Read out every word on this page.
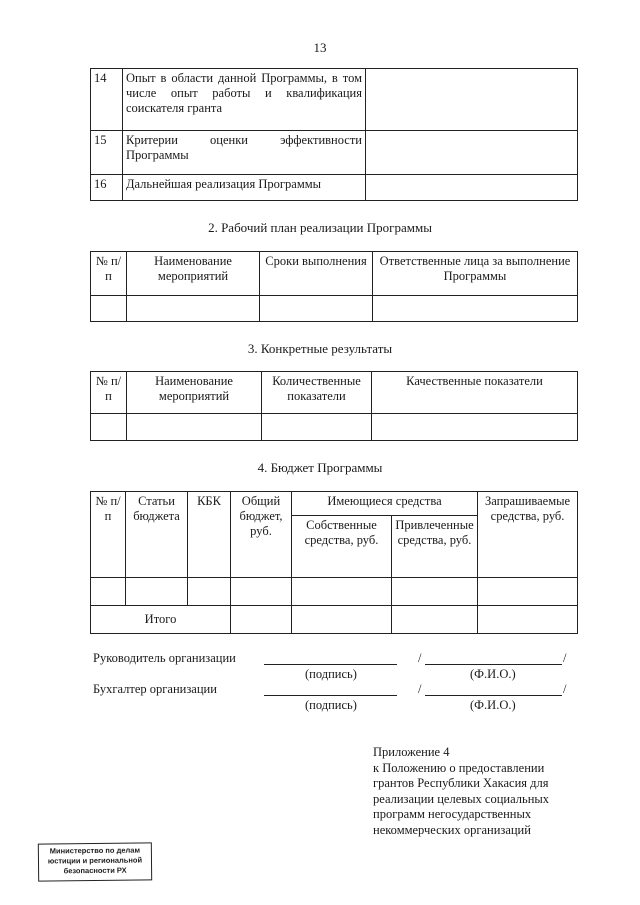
13
14	Опыт в области данной Программы, в том числе опыт работы и квалификация соискателя гранта	
15	Критерии оценки эффективности Программы	
16	Дальнейшая реализация Программы	
2. Рабочий план реализации Программы
№ п/п	Наименование мероприятий	Сроки выполнения	Ответственные лица за выполнение Программы

3. Конкретные результаты
№ п/п	Наименование мероприятий	Количественные показатели	Качественные показатели

4. Бюджет Программы
№ п/п	Статьи бюджета	КБК	Общий бюджет, руб.	Имеющиеся средства		Запрашиваемые средства, руб.
				Собственные средства, руб.	Привлеченные средства, руб.	

Итого						
Руководитель организации	/	/
(подпись)	(Ф.И.О.)
Бухгалтер организации	/	/
(подпись)	(Ф.И.О.)
Приложение 4
к Положению о предоставлении
грантов Республики Хакасия для
реализации целевых социальных
программ негосударственных
некоммерческих организаций
Министерство по делам
юстиции и региональной
безопасности РХ
